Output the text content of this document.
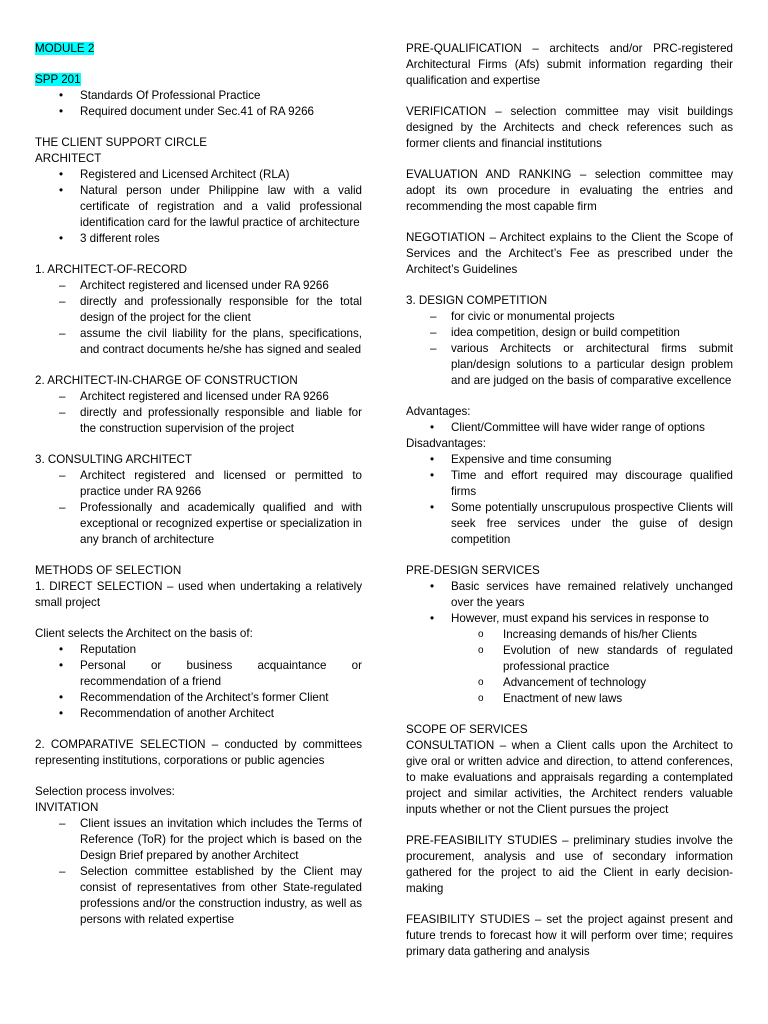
MODULE 2

SPP 201

• Standards Of Professional Practice
• Required document under Sec.41 of RA 9266

THE CLIENT SUPPORT CIRCLE

ARCHITECT

• Registered and Licensed Architect (RLA)
• Natural person under Philippine law with a valid certificate of registration and a valid professional identification card for the lawful practice of architecture
• 3 different roles

1. ARCHITECT-OF-RECORD

– Architect registered and licensed under RA 9266
– directly and professionally responsible for the total design of the project for the client
– assume the civil liability for the plans, specifications, and contract documents he/she has signed and sealed

2. ARCHITECT-IN-CHARGE OF CONSTRUCTION

– Architect registered and licensed under RA 9266
– directly and professionally responsible and liable for the construction supervision of the project

3. CONSULTING ARCHITECT

– Architect registered and licensed or permitted to practice under RA 9266
– Professionally and academically qualified and with exceptional or recognized expertise or specialization in any branch of architecture

METHODS OF SELECTION

1. DIRECT SELECTION – used when undertaking a relatively small project

Client selects the Architect on the basis of:

• Reputation
• Personal or business acquaintance or recommendation of a friend
• Recommendation of the Architect’s former Client
• Recommendation of another Architect

2. COMPARATIVE SELECTION – conducted by committees representing institutions, corporations or public agencies

Selection process involves:

INVITATION

– Client issues an invitation which includes the Terms of Reference (ToR) for the project which is based on the Design Brief prepared by another Architect
– Selection committee established by the Client may consist of representatives from other State-regulated professions and/or the construction industry, as well as persons with related expertise

PRE-QUALIFICATION – architects and/or PRC-registered Architectural Firms (Afs) submit information regarding their qualification and expertise

VERIFICATION – selection committee may visit buildings designed by the Architects and check references such as former clients and financial institutions

EVALUATION AND RANKING – selection committee may adopt its own procedure in evaluating the entries and recommending the most capable firm

NEGOTIATION – Architect explains to the Client the Scope of Services and the Architect’s Fee as prescribed under the Architect’s Guidelines

3. DESIGN COMPETITION

– for civic or monumental projects
– idea competition, design or build competition
– various Architects or architectural firms submit plan/design solutions to a particular design problem and are judged on the basis of comparative excellence

Advantages:

• Client/Committee will have wider range of options

Disadvantages:

• Expensive and time consuming
• Time and effort required may discourage qualified firms
• Some potentially unscrupulous prospective Clients will seek free services under the guise of design competition

PRE-DESIGN SERVICES

• Basic services have remained relatively unchanged over the years
• However, must expand his services in response to
o Increasing demands of his/her Clients
o Evolution of new standards of regulated professional practice
o Advancement of technology
o Enactment of new laws

SCOPE OF SERVICES

CONSULTATION – when a Client calls upon the Architect to give oral or written advice and direction, to attend conferences, to make evaluations and appraisals regarding a contemplated project and similar activities, the Architect renders valuable inputs whether or not the Client pursues the project

PRE-FEASIBILITY STUDIES – preliminary studies involve the procurement, analysis and use of secondary information gathered for the project to aid the Client in early decision-making

FEASIBILITY STUDIES – set the project against present and future trends to forecast how it will perform over time; requires primary data gathering and analysis
